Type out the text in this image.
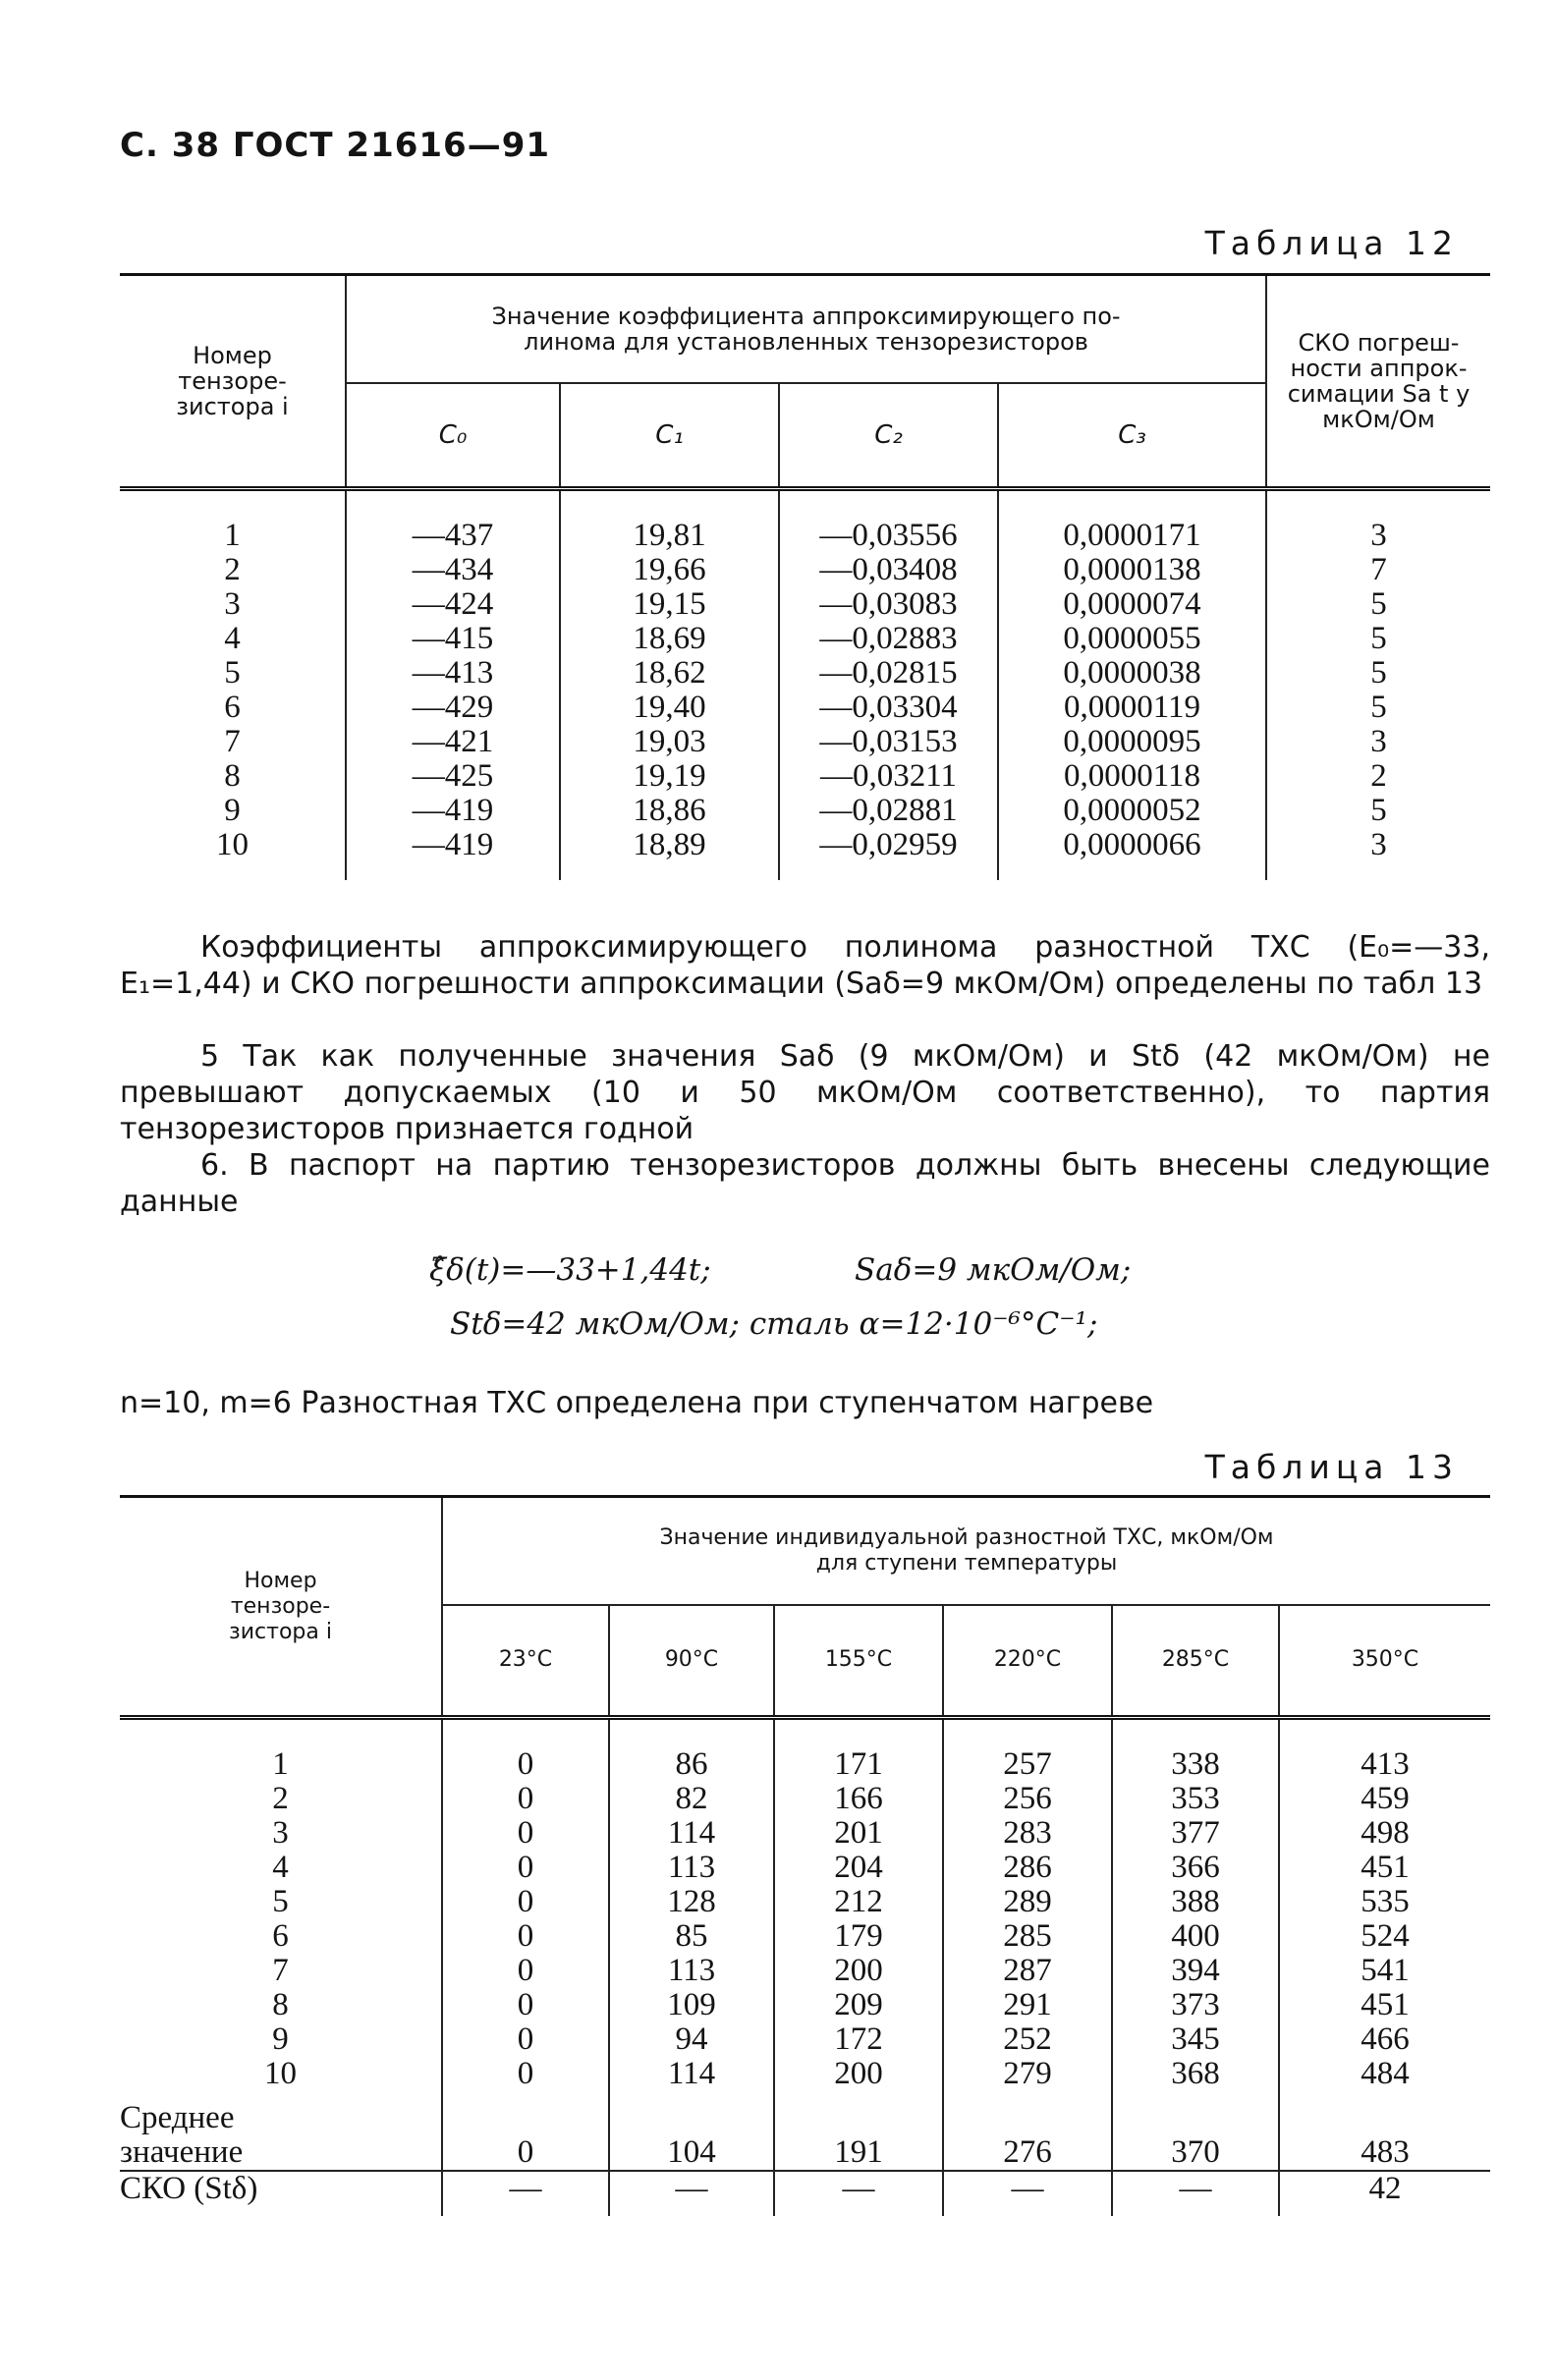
С. 38 ГОСТ 21616—91
Таблица 12
Номер
тензоре-
зистора i	Значение коэффициента аппроксимирующего по-
линома для установленных тензорезисторов				СКО погреш-
ности аппрок-
симации Sa t y
мкОм/Ом
	C₀	C₁	C₂	C₃	
1	—437	19,81	—0,03556	0,0000171	3
2	—434	19,66	—0,03408	0,0000138	7
3	—424	19,15	—0,03083	0,0000074	5
4	—415	18,69	—0,02883	0,0000055	5
5	—413	18,62	—0,02815	0,0000038	5
6	—429	19,40	—0,03304	0,0000119	5
7	—421	19,03	—0,03153	0,0000095	3
8	—425	19,19	—0,03211	0,0000118	2
9	—419	18,86	—0,02881	0,0000052	5
10	—419	18,89	—0,02959	0,0000066	3
Коэффициенты аппроксимирующего полинома разностной ТХС (E₀=—33, E₁=1,44) и СКО погрешности аппроксимации (Saδ=9 мкОм/Ом) определены по табл 13
5 Так как полученные значения Saδ (9 мкОм/Ом) и Stδ (42 мкОм/Ом) не превышают допускаемых (10 и 50 мкОм/Ом соответственно), то партия тензорезисторов признается годной
6. В паспорт на партию тензорезисторов должны быть внесены следующие данные
ξ̂δ(t)=—33+1,44t;	Saδ=9 мкОм/Ом;
Stδ=42 мкОм/Ом; сталь α=12·10⁻⁶°C⁻¹;
n=10, m=6 Разностная ТХС определена при ступенчатом нагреве
Таблица 13
Номер
тензоре-
зистора i	Значение индивидуальной разностной ТХС, мкОм/Ом
для ступени температуры					
	23°C	90°C	155°C	220°C	285°C	350°C
1	0	86	171	257	338	413
2	0	82	166	256	353	459
3	0	114	201	283	377	498
4	0	113	204	286	366	451
5	0	128	212	289	388	535
6	0	85	179	285	400	524
7	0	113	200	287	394	541
8	0	109	209	291	373	451
9	0	94	172	252	345	466
10	0	114	200	279	368	484
Среднее
значение	0	104	191	276	370	483
СКО (Stδ)	—	—	—	—	—	42
